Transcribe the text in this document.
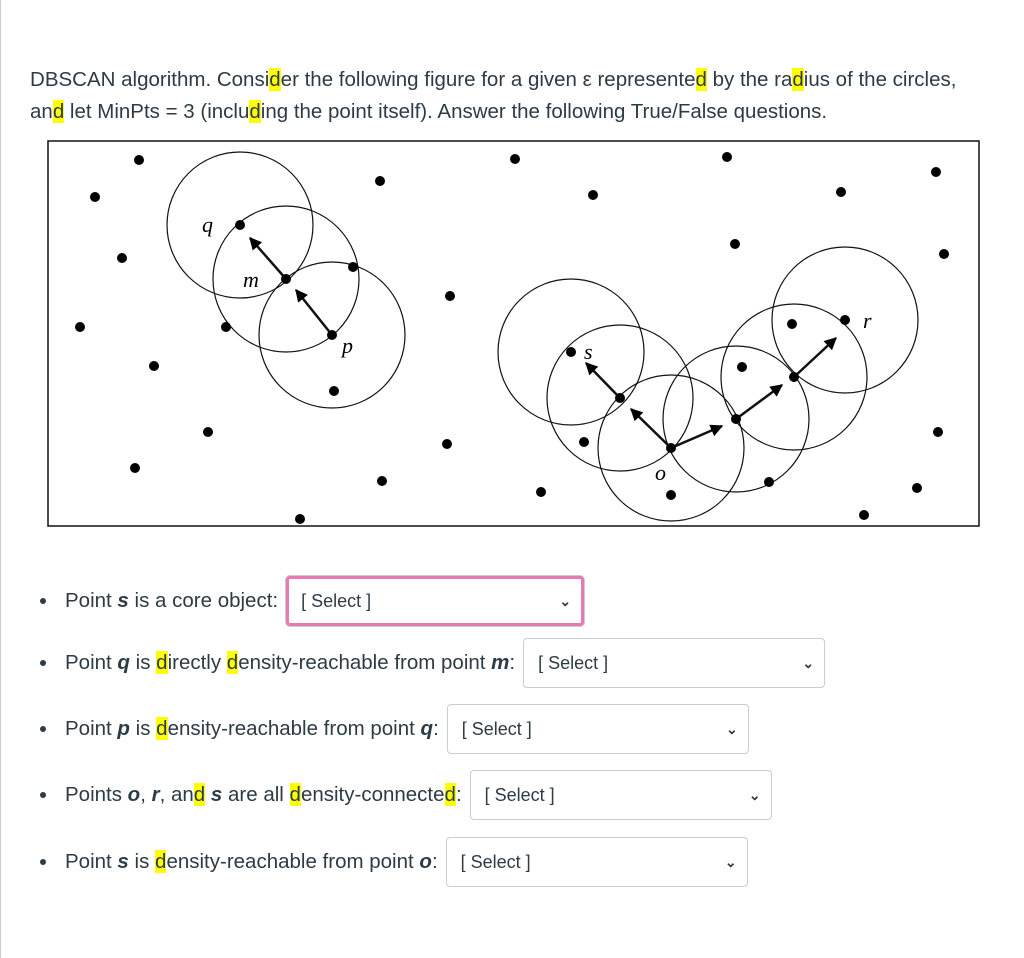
DBSCAN algorithm. Consider the following figure for a given ε represented by the radius of the circles, and let MinPts = 3 (including the point itself). Answer the following True/False questions.

q
m
p	s
o
r
Point s is a core object: [ Select ]	⌄
Point q is directly density-reachable from point m: [ Select ]	⌄
Point p is density-reachable from point q: [ Select ]	⌄
Points o, r, and s are all density-connected: [ Select ]	⌄
Point s is density-reachable from point o: [ Select ]	⌄
